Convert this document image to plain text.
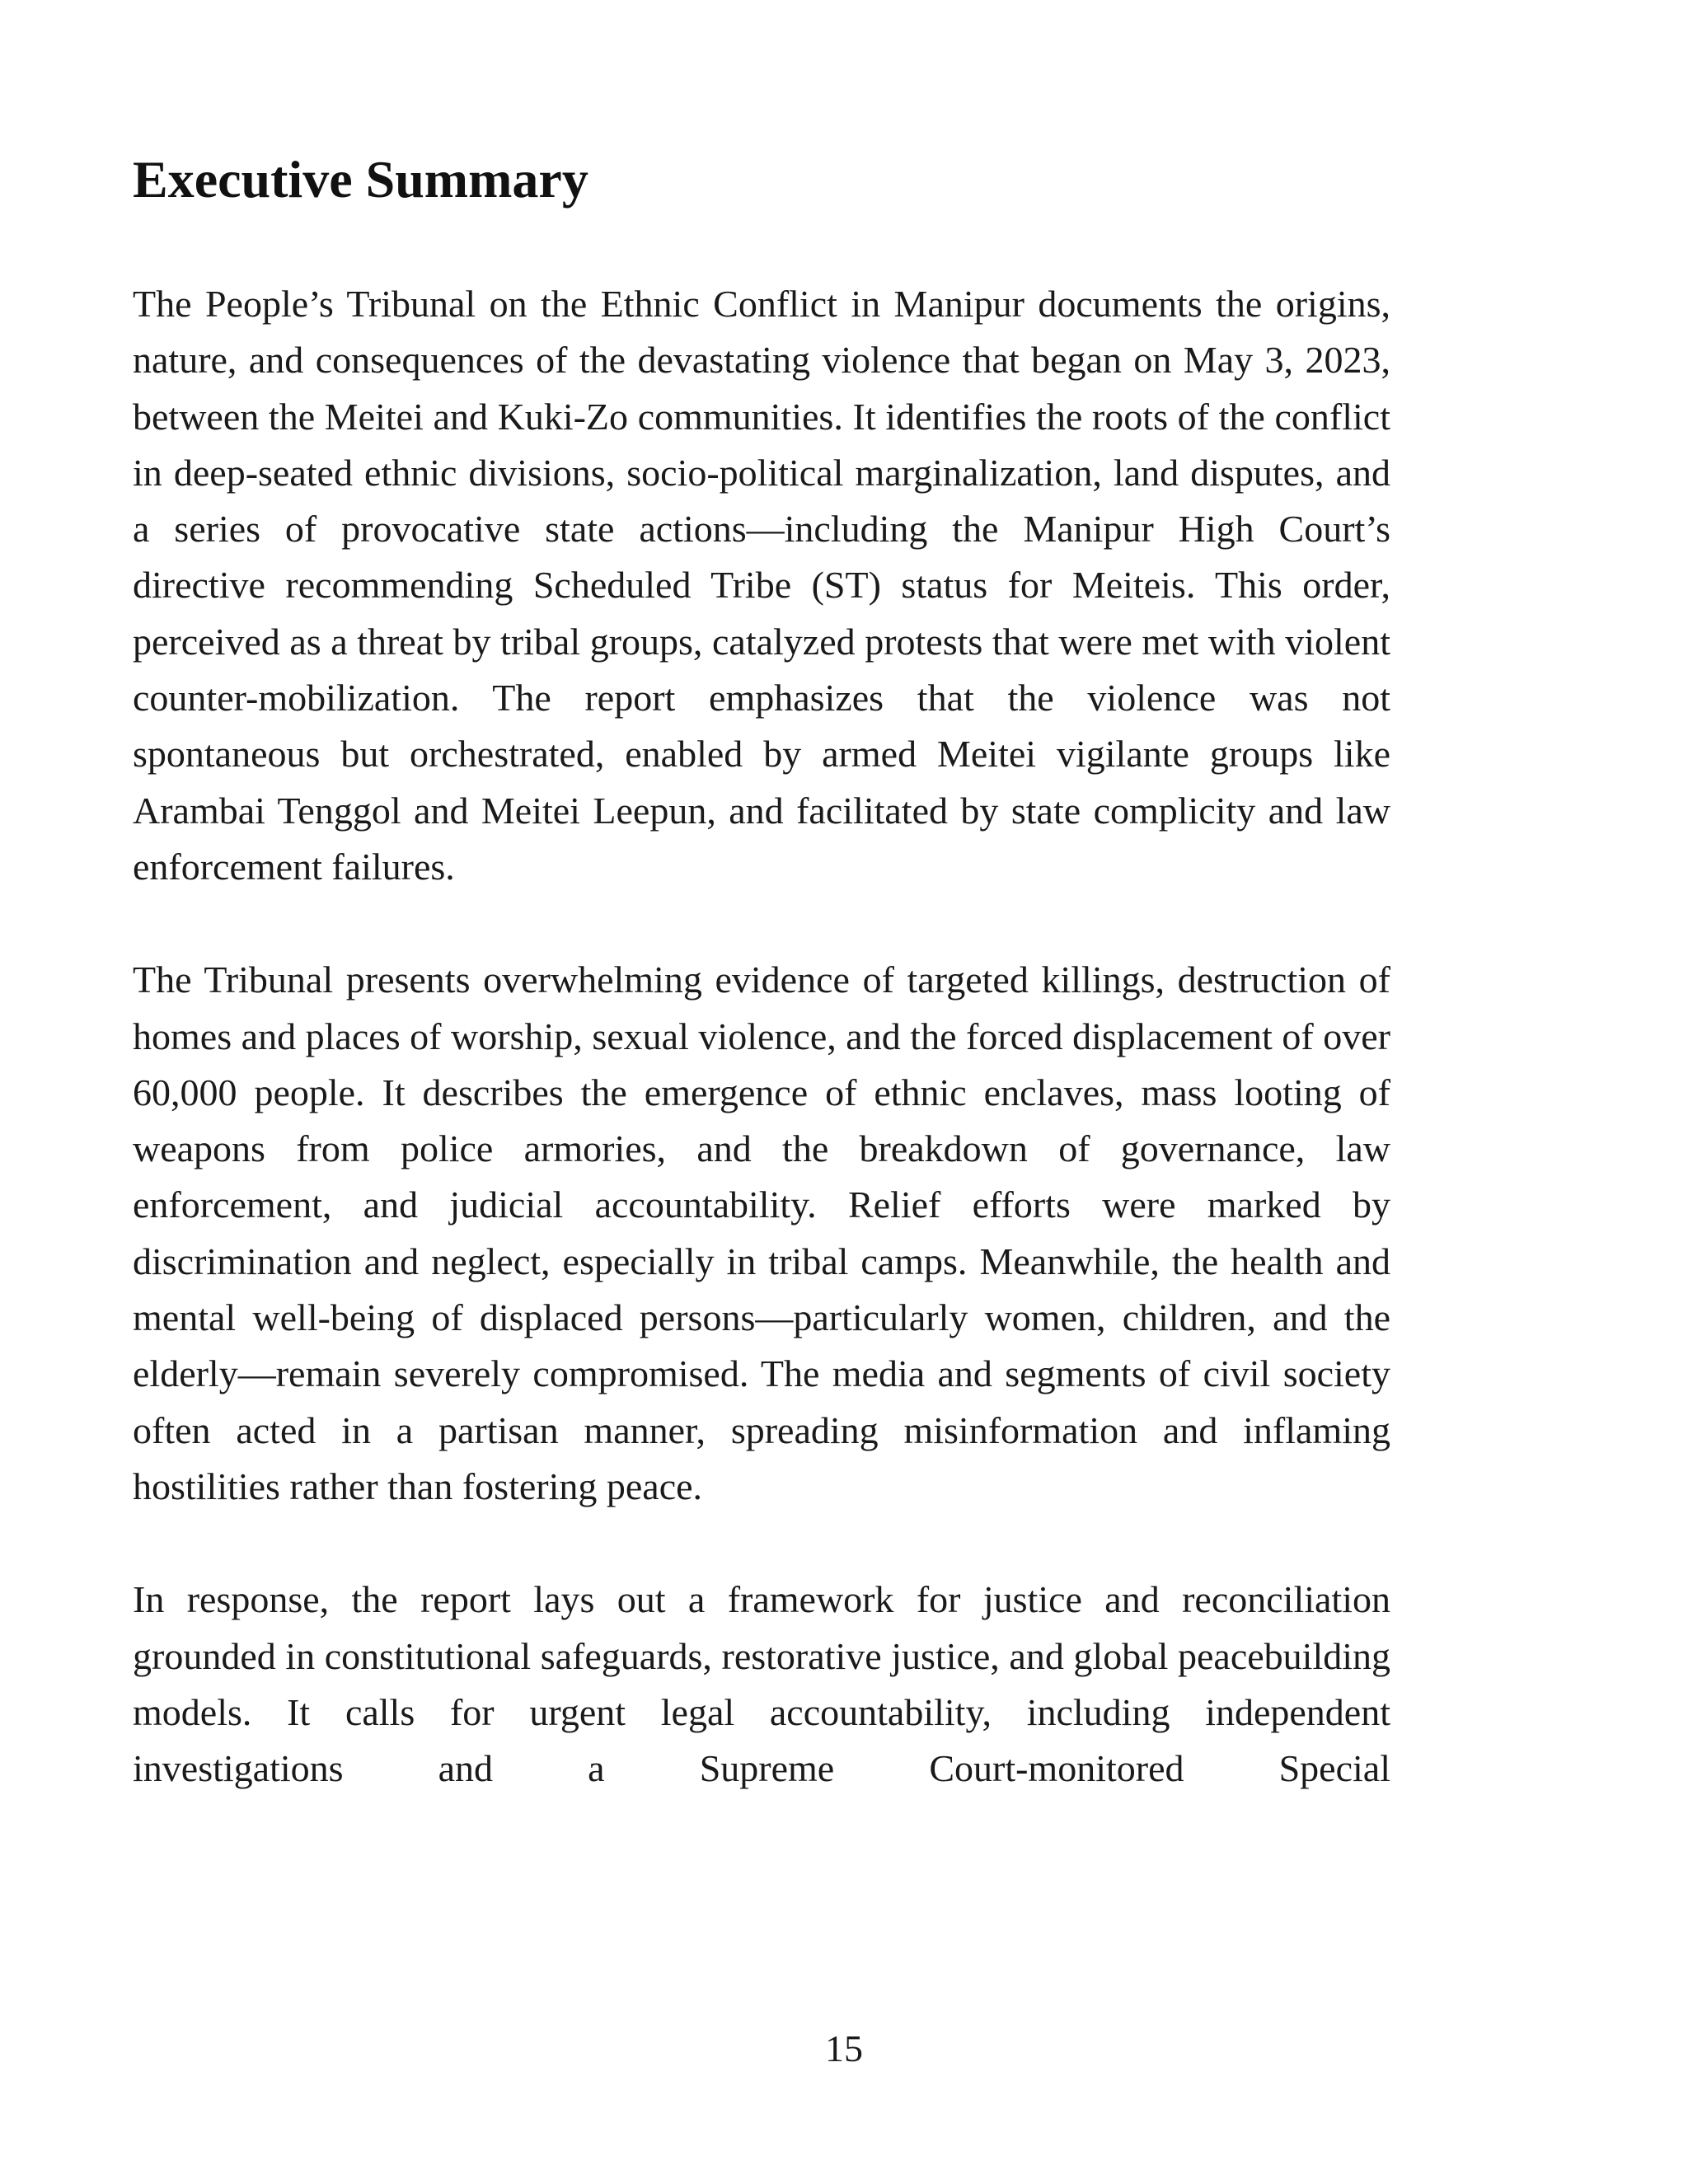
Executive Summary

The People’s Tribunal on the Ethnic Conflict in Manipur documents the origins, nature, and consequences of the devastating violence that began on May 3, 2023, between the Meitei and Kuki-Zo communities. It identifies the roots of the conflict in deep-seated ethnic divisions, socio-political marginalization, land disputes, and a series of provocative state actions—including the Manipur High Court’s directive recommending Scheduled Tribe (ST) status for Meiteis. This order, perceived as a threat by tribal groups, catalyzed protests that were met with violent counter-mobilization. The report emphasizes that the violence was not spontaneous but orchestrated, enabled by armed Meitei vigilante groups like Arambai Tenggol and Meitei Leepun, and facilitated by state complicity and law enforcement failures.

The Tribunal presents overwhelming evidence of targeted killings, destruction of homes and places of worship, sexual violence, and the forced displacement of over 60,000 people. It describes the emergence of ethnic enclaves, mass looting of weapons from police armories, and the breakdown of governance, law enforcement, and judicial accountability. Relief efforts were marked by discrimination and neglect, especially in tribal camps. Meanwhile, the health and mental well-being of displaced persons—particularly women, children, and the elderly—remain severely compromised. The media and segments of civil society often acted in a partisan manner, spreading misinformation and inflaming hostilities rather than fostering peace.

In response, the report lays out a framework for justice and reconciliation grounded in constitutional safeguards, restorative justice, and global peacebuilding models. It calls for urgent legal accountability, including independent investigations and a Supreme Court-monitored Special

15
